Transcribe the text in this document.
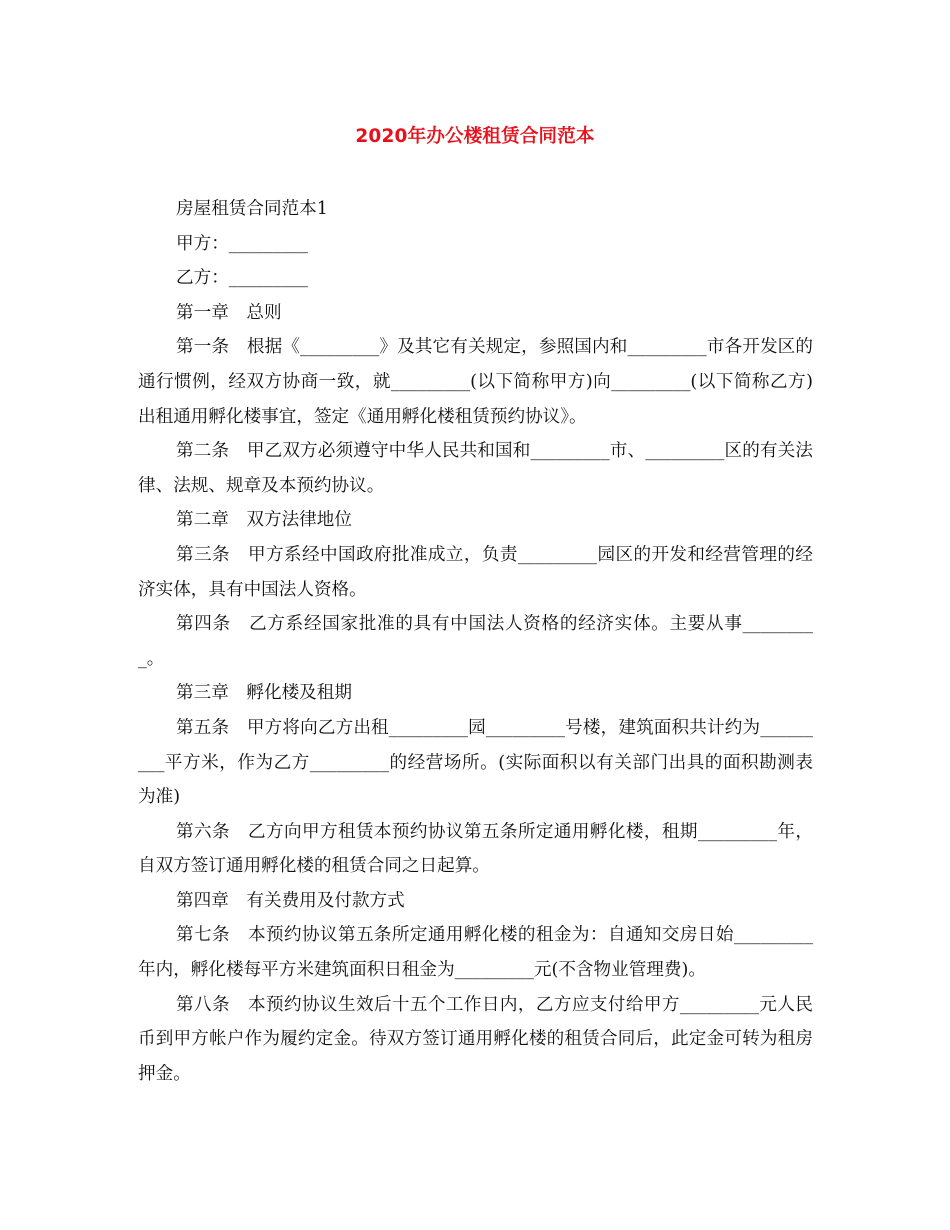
2020年办公楼租赁合同范本

房屋租赁合同范本1

甲方：_________

乙方：_________

第一章　总则

第一条　根据《_________》及其它有关规定，参照国内和_________市各开发区的通行惯例，经双方协商一致，就_________(以下简称甲方)向_________(以下简称乙方)出租通用孵化楼事宜，签定《通用孵化楼租赁预约协议》。

第二条　甲乙双方必须遵守中华人民共和国和_________市、_________区的有关法律、法规、规章及本预约协议。

第二章　双方法律地位

第三条　甲方系经中国政府批准成立，负责_________园区的开发和经营管理的经济实体，具有中国法人资格。

第四条　乙方系经国家批准的具有中国法人资格的经济实体。主要从事_________。

第三章　孵化楼及租期

第五条　甲方将向乙方出租_________园_________号楼，建筑面积共计约为_________平方米，作为乙方_________的经营场所。(实际面积以有关部门出具的面积勘测表为准)

第六条　乙方向甲方租赁本预约协议第五条所定通用孵化楼，租期_________年，自双方签订通用孵化楼的租赁合同之日起算。

第四章　有关费用及付款方式

第七条　本预约协议第五条所定通用孵化楼的租金为：自通知交房日始_________年内，孵化楼每平方米建筑面积日租金为_________元(不含物业管理费)。

第八条　本预约协议生效后十五个工作日内，乙方应支付给甲方_________元人民币到甲方帐户作为履约定金。待双方签订通用孵化楼的租赁合同后，此定金可转为租房押金。
